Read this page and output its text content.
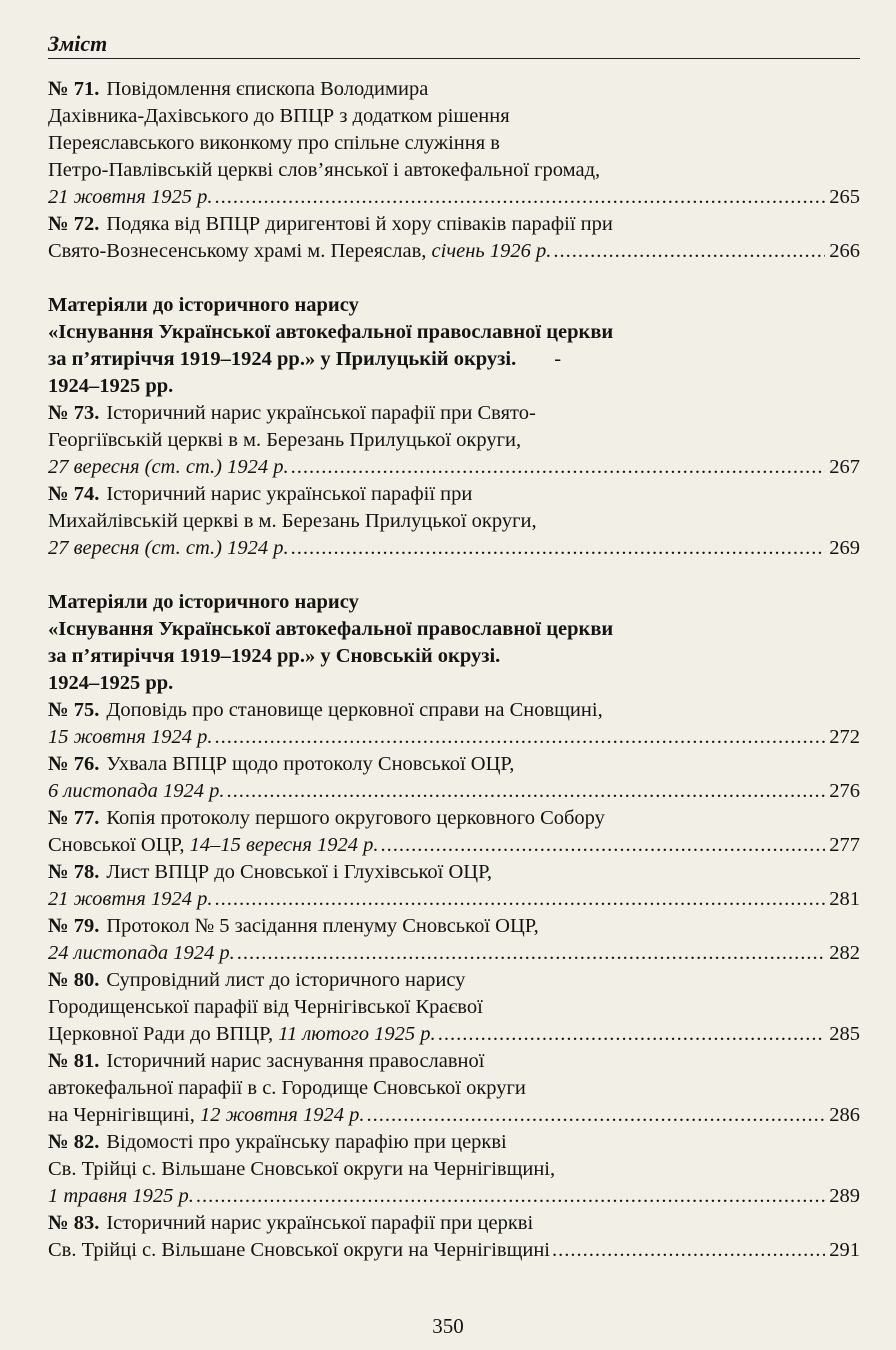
Зміст
№ 71. Повідомлення єпископа Володимира
Дахівника-Дахівського до ВПЦР з додатком рішення
Переяславського виконкому про спільне служіння в
Петро-Павлівській церкві слов’янської і автокефальної громад,
21 жовтня 1925 р. .....	265
№ 72. Подяка від ВПЦР диригентові й хору співаків парафії при
Свято-Вознесенському храмі м. Переяслав, січень 1926 р. .....	266
Матеріяли до історичного нарису
«Існування Української автокефальної православної церкви
за п’ятиріччя 1919–1924 рр.» у Прилуцькій окрузі. -
1924–1925 рр.
№ 73. Історичний нарис української парафії при Свято-
Георгіївській церкві в м. Березань Прилуцької округи,
27 вересня (ст. ст.) 1924 р. .....	267
№ 74. Історичний нарис української парафії при
Михайлівській церкві в м. Березань Прилуцької округи,
27 вересня (ст. ст.) 1924 р. .....	269
Матеріяли до історичного нарису
«Існування Української автокефальної православної церкви
за п’ятиріччя 1919–1924 рр.» у Сновській окрузі.
1924–1925 рр.
№ 75. Доповідь про становище церковної справи на Сновщині,
15 жовтня 1924 р. .....	272
№ 76. Ухвала ВПЦР щодо протоколу Сновської ОЦР,
6 листопада 1924 р. .....	276
№ 77. Копія протоколу першого округового церковного Собору
Сновської ОЦР, 14–15 вересня 1924 р. .....	277
№ 78. Лист ВПЦР до Сновської і Глухівської ОЦР,
21 жовтня 1924 р. .....	281
№ 79. Протокол № 5 засідання пленуму Сновської ОЦР,
24 листопада 1924 р. .....	282
№ 80. Супровідний лист до історичного нарису
Городищенської парафії від Чернігівської Краєвої
Церковної Ради до ВПЦР, 11 лютого 1925 р. .....	285
№ 81. Історичний нарис заснування православної
автокефальної парафії в с. Городище Сновської округи
на Чернігівщині, 12 жовтня 1924 р. .....	286
№ 82. Відомості про українську парафію при церкві
Св. Трійці с. Вільшане Сновської округи на Чернігівщині,
1 травня 1925 р. .....	289
№ 83. Історичний нарис української парафії при церкві
Св. Трійці с. Вільшане Сновської округи на Чернігівщині .....	291
350
